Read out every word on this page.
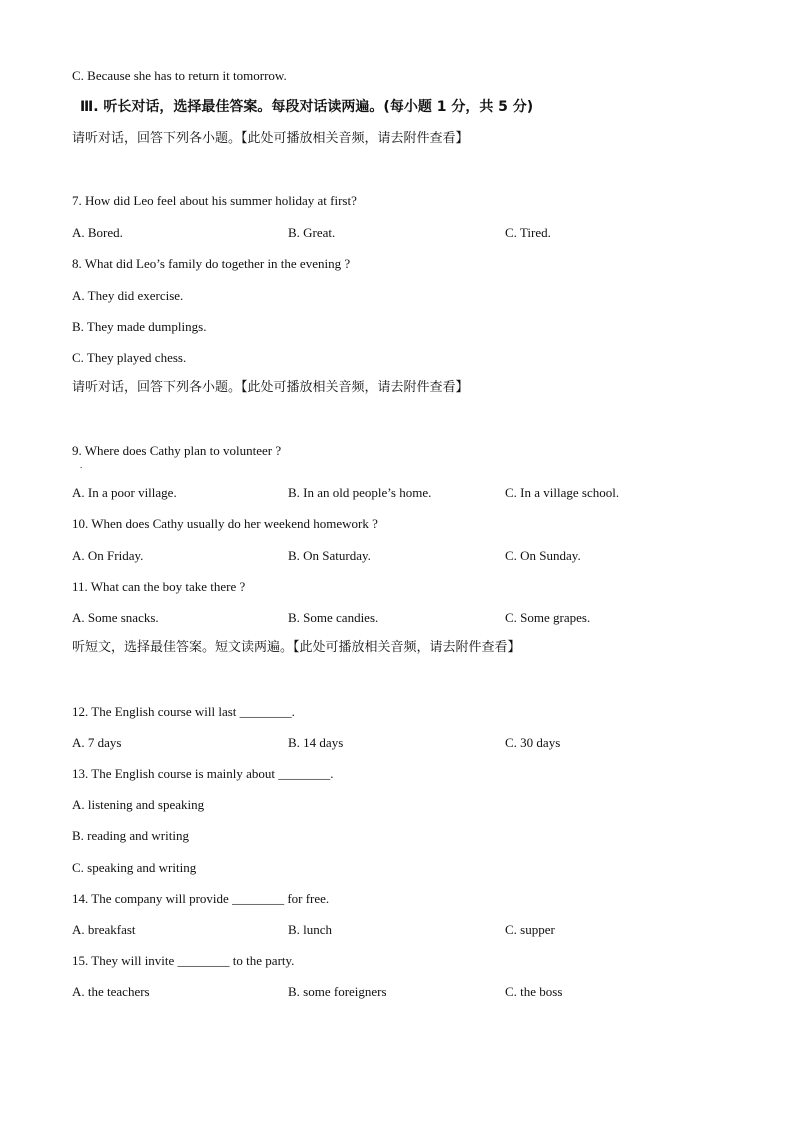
C. Because she has to return it tomorrow.
Ⅲ. 听长对话，选择最佳答案。每段对话读两遍。(每小题 1 分，共 5 分)
请听对话，回答下列各小题。【此处可播放相关音频，请去附件查看】
7. How did Leo feel about his summer holiday at first?
A. Bored.	B. Great.	C. Tired.
8. What did Leo’s family do together in the evening ?
A. They did exercise.
B. They made dumplings.
C. They played chess.
请听对话，回答下列各小题。【此处可播放相关音频，请去附件查看】
9. Where does Cathy plan to volunteer ?
.
A. In a poor village.	B. In an old people’s home.	C. In a village school.
10. When does Cathy usually do her weekend homework ?
A. On Friday.	B. On Saturday.	C. On Sunday.
11. What can the boy take there ?
A. Some snacks.	B. Some candies.	C. Some grapes.
听短文，选择最佳答案。短文读两遍。【此处可播放相关音频，请去附件查看】
12. The English course will last ________.
A. 7 days	B. 14 days	C. 30 days
13. The English course is mainly about ________.
A. listening and speaking
B. reading and writing
C. speaking and writing
14. The company will provide ________ for free.
A. breakfast	B. lunch	C. supper
15. They will invite ________ to the party.
A. the teachers	B. some foreigners	C. the boss
